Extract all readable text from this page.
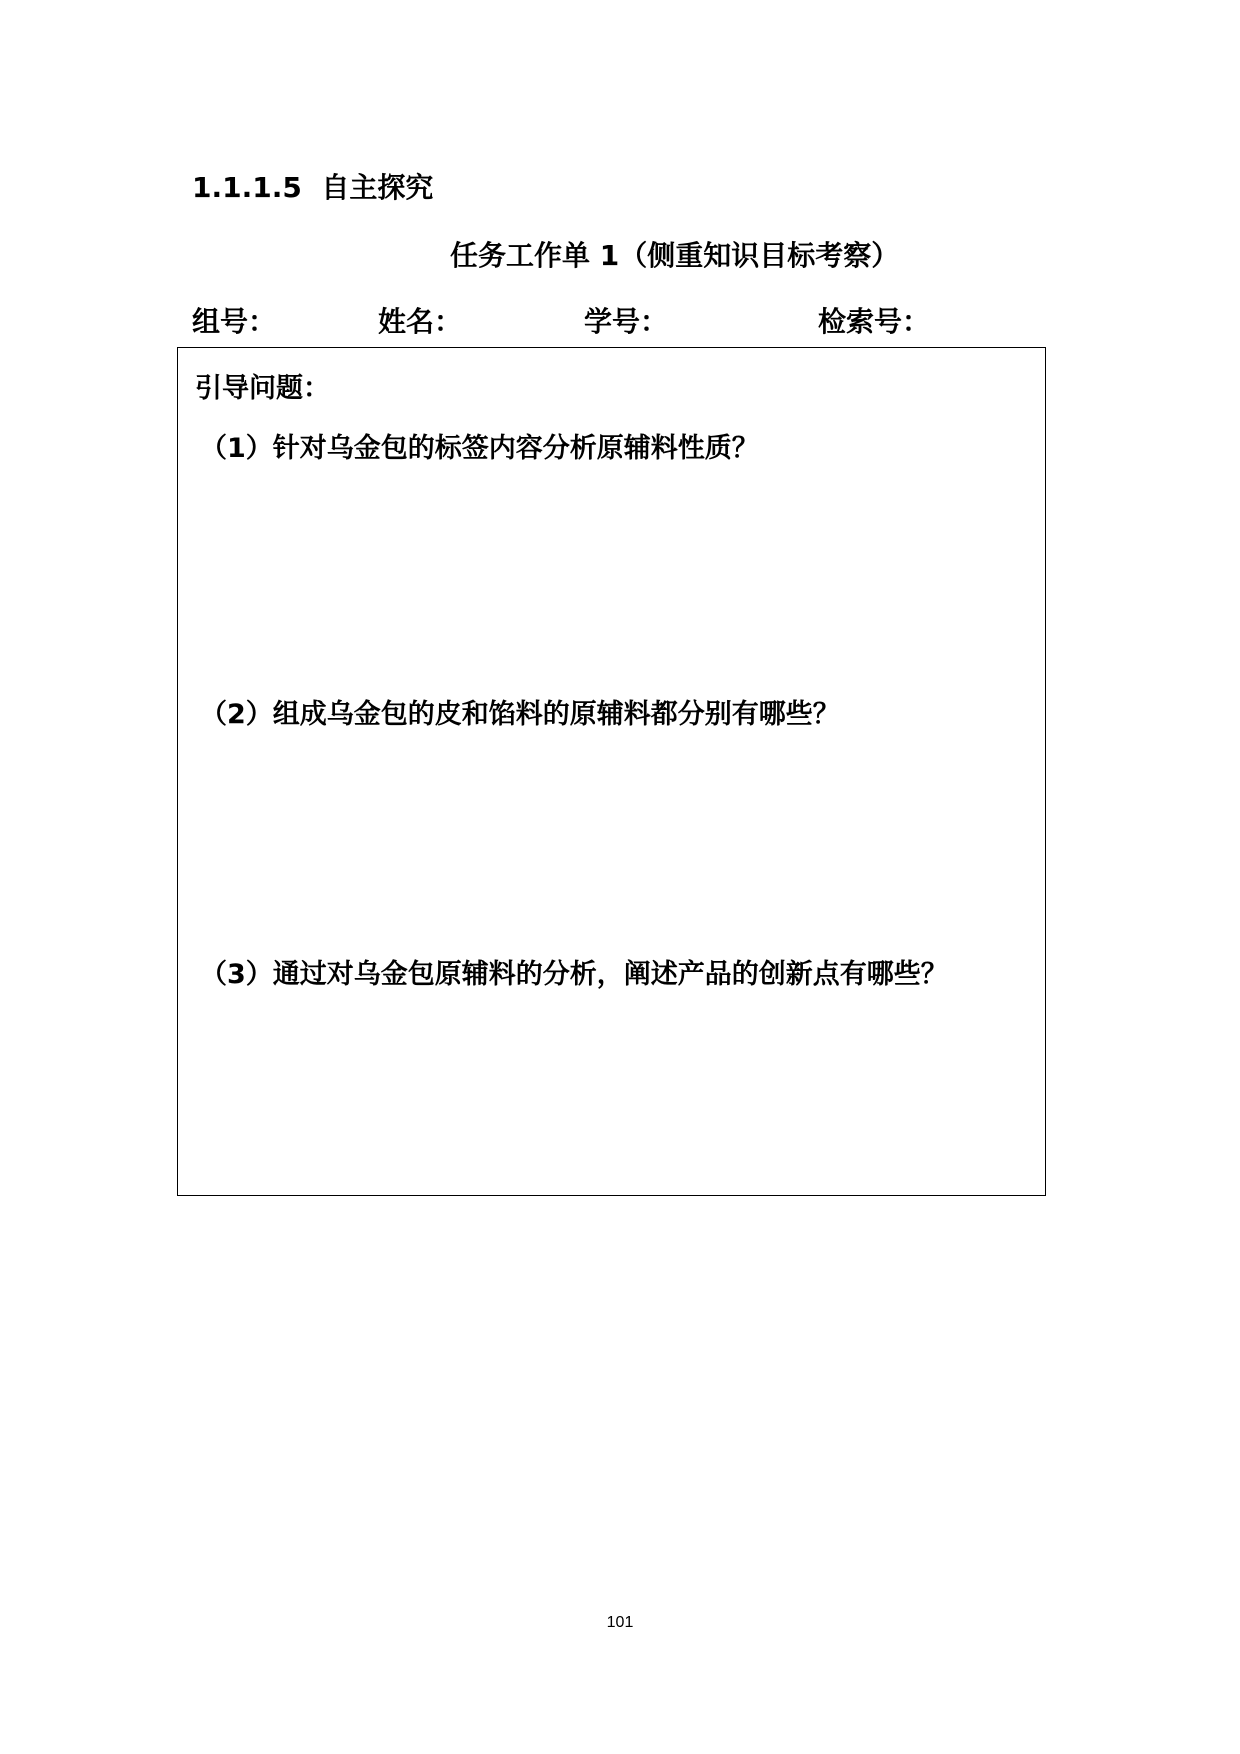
1.1.1.5 自主探究
任务工作单 1（侧重知识目标考察）
组号：	姓名：	学号：	检索号：
引导问题：
（1）针对乌金包的标签内容分析原辅料性质？
（2）组成乌金包的皮和馅料的原辅料都分别有哪些？
（3）通过对乌金包原辅料的分析，阐述产品的创新点有哪些？
101
